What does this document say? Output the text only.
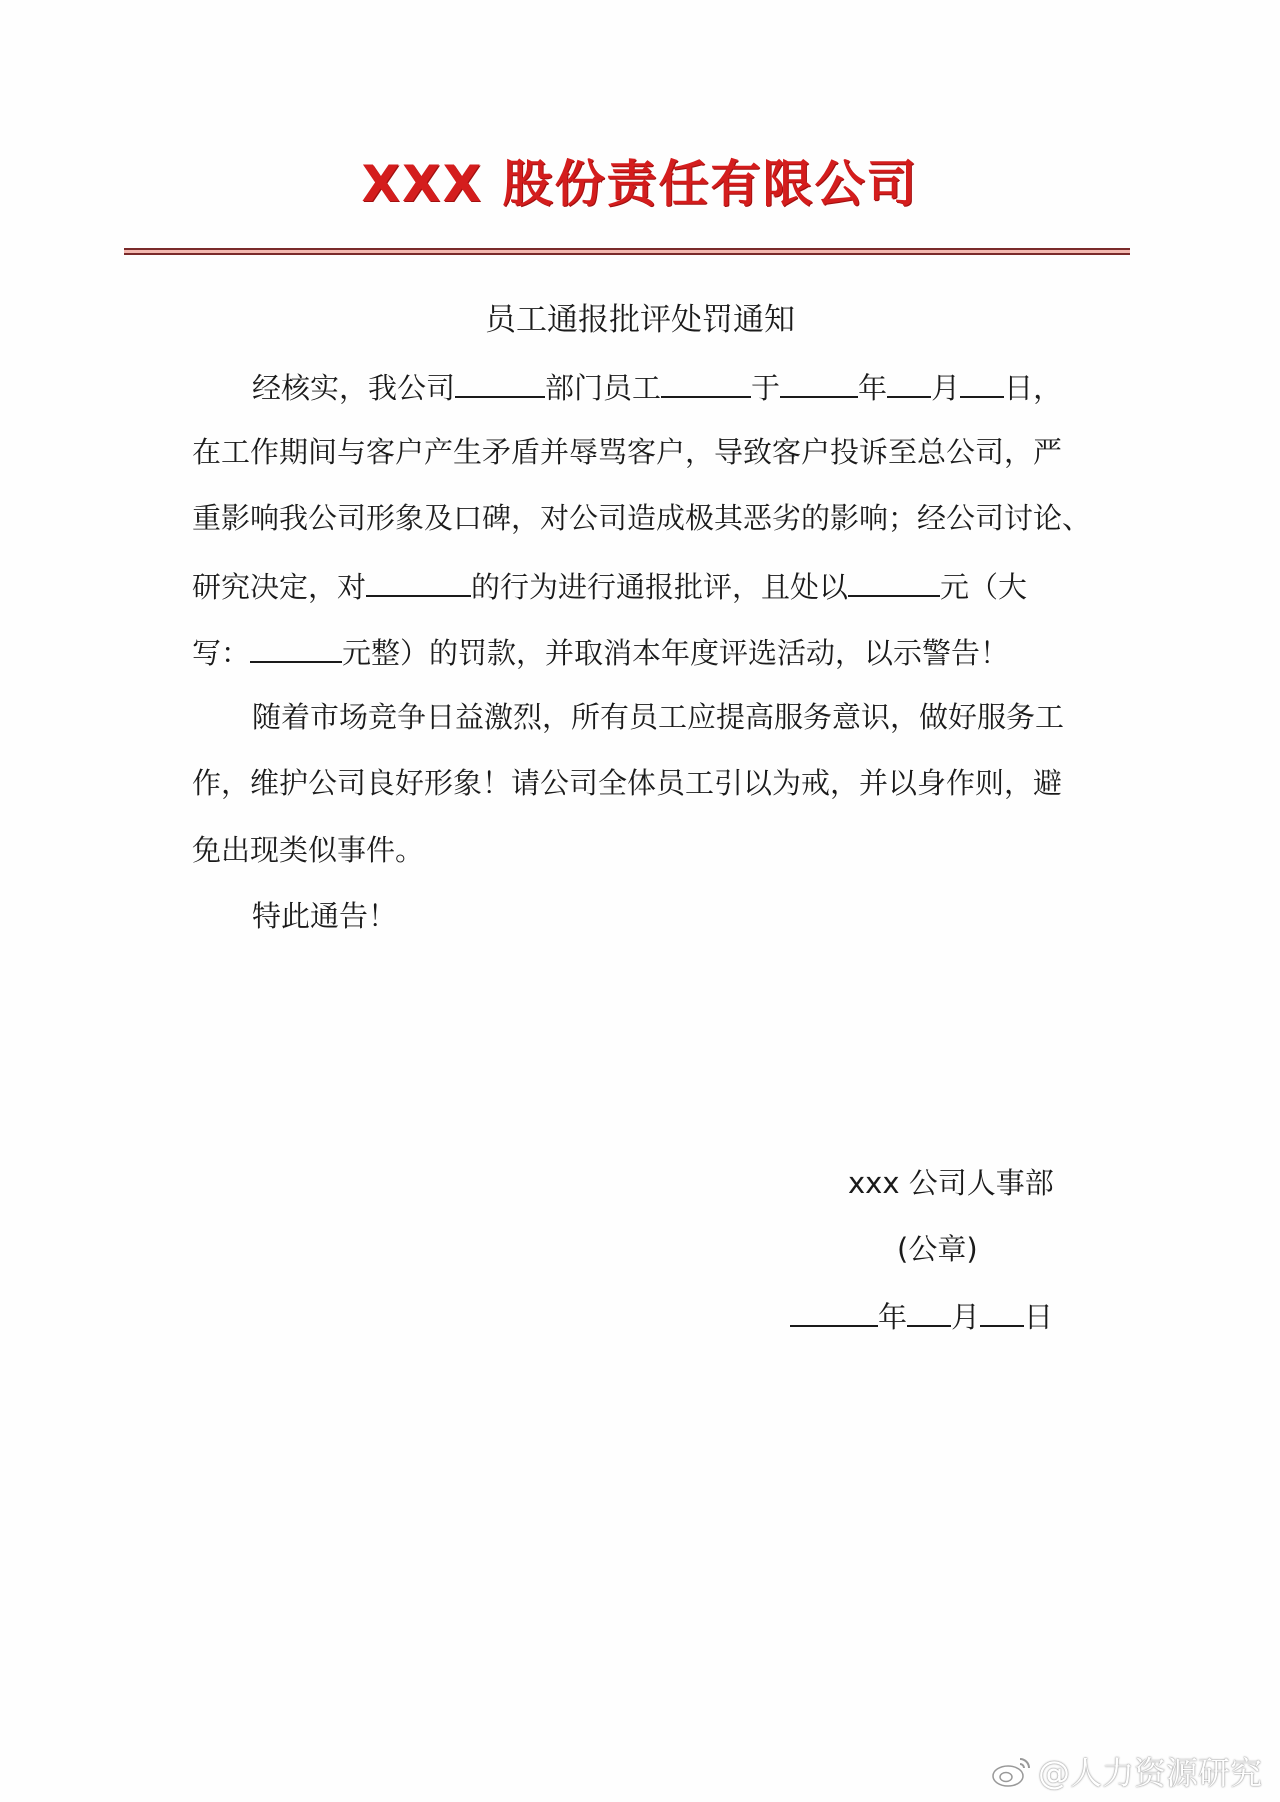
XXX 股份责任有限公司
员工通报批评处罚通知
经核实，我公司	部门员工	于	年 月 日，
在工作期间与客户产生矛盾并辱骂客户，导致客户投诉至总公司，严
重影响我公司形象及口碑，对公司造成极其恶劣的影响；经公司讨论、
研究决定，对	的行为进行通报批评，且处以	元（大
写：	元整）的罚款，并取消本年度评选活动，以示警告！
随着市场竞争日益激烈，所有员工应提高服务意识，做好服务工
作，维护公司良好形象！请公司全体员工引以为戒，并以身作则，避
免出现类似事件。
特此通告！
xxx 公司人事部
(公章)
年 月 日
@人力资源研究
